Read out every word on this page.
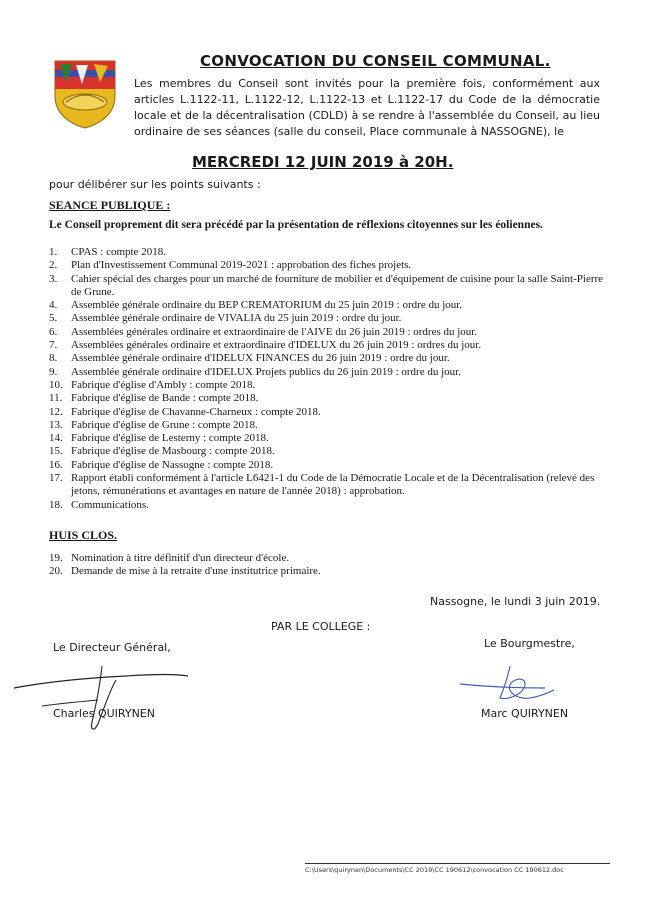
CONVOCATION DU CONSEIL COMMUNAL.
Les membres du Conseil sont invités pour la première fois, conformément aux articles L.1122-11, L.1122-12, L.1122-13 et L.1122-17 du Code de la démocratie locale et de la décentralisation (CDLD) à se rendre à l'assemblée du Conseil, au lieu ordinaire de ses séances (salle du conseil, Place communale à NASSOGNE), le
MERCREDI 12 JUIN 2019 à 20H.
pour délibérer sur les points suivants :
SEANCE PUBLIQUE :
Le Conseil proprement dit sera précédé par la présentation de réflexions citoyennes sur les éoliennes.
1.	CPAS : compte 2018.
2.	Plan d'Investissement Communal 2019-2021 : approbation des fiches projets.
3.	Cahier spécial des charges pour un marché de fourniture de mobilier et d'équipement de cuisine pour la salle Saint-Pierre de Grune.
4.	Assemblée générale ordinaire du BEP CREMATORIUM du 25 juin 2019 : ordre du jour.
5.	Assemblée générale ordinaire de VIVALIA du 25 juin 2019 : ordre du jour.
6.	Assemblées générales ordinaire et extraordinaire de l'AIVE du 26 juin 2019 : ordres du jour.
7.	Assemblées générales ordinaire et extraordinaire d'IDELUX du 26 juin 2019 : ordres du jour.
8.	Assemblée générale ordinaire d'IDELUX FINANCES du 26 juin 2019 : ordre du jour.
9.	Assemblée générale ordinaire d'IDELUX Projets publics du 26 juin 2019 : ordre du jour.
10. Fabrique d'église d'Ambly : compte 2018.
11. Fabrique d'église de Bande : compte 2018.
12. Fabrique d'église de Chavanne-Charneux : compte 2018.
13. Fabrique d'église de Grune : compte 2018.
14. Fabrique d'église de Lesterny : compte 2018.
15. Fabrique d'église de Masbourg : compte 2018.
16. Fabrique d'église de Nassogne : compte 2018.
17. Rapport établi conformément à l'article L6421-1 du Code de la Démocratie Locale et de la Décentralisation (relevé des jetons, rémunérations et avantages en nature de l'année 2018) : approbation.
18. Communications.
HUIS CLOS.
19. Nomination à titre définitif d'un directeur d'école.
20. Demande de mise à la retraite d'une institutrice primaire.
Nassogne, le lundi 3 juin 2019.
PAR LE COLLEGE :
Le Directeur Général,	Le Bourgmestre,
Charles QUIRYNEN	Marc QUIRYNEN
C:\Users\quirynen\Documents\CC 2019\CC 190612\convocation CC 190612.doc
